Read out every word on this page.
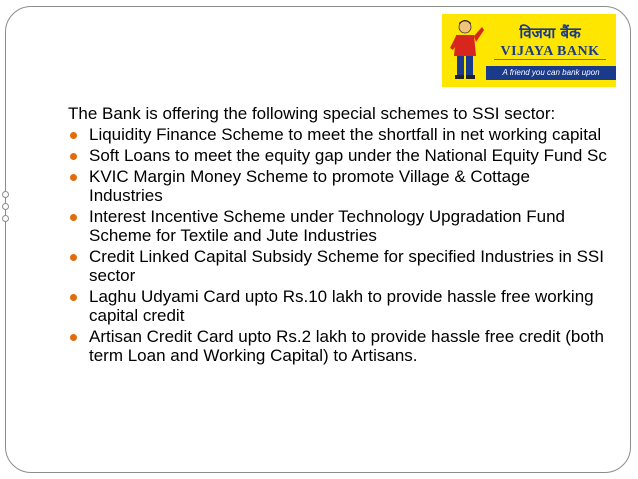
विजया बैंक
VIJAYA BANK
A friend you can bank upon
The Bank is offering the following special schemes to SSI sector:
Liquidity Finance Scheme to meet the shortfall in net working capital
Soft Loans to meet the equity gap under the National Equity Fund Sc
KVIC Margin Money Scheme to promote Village & Cottage Industries
Interest Incentive Scheme under Technology Upgradation Fund Scheme for Textile and Jute Industries
Credit Linked Capital Subsidy Scheme for specified Industries in SSI sector
Laghu Udyami Card upto Rs.10 lakh to provide hassle free working capital credit
Artisan Credit Card upto Rs.2 lakh to provide hassle free credit (both term Loan and Working Capital) to Artisans.
